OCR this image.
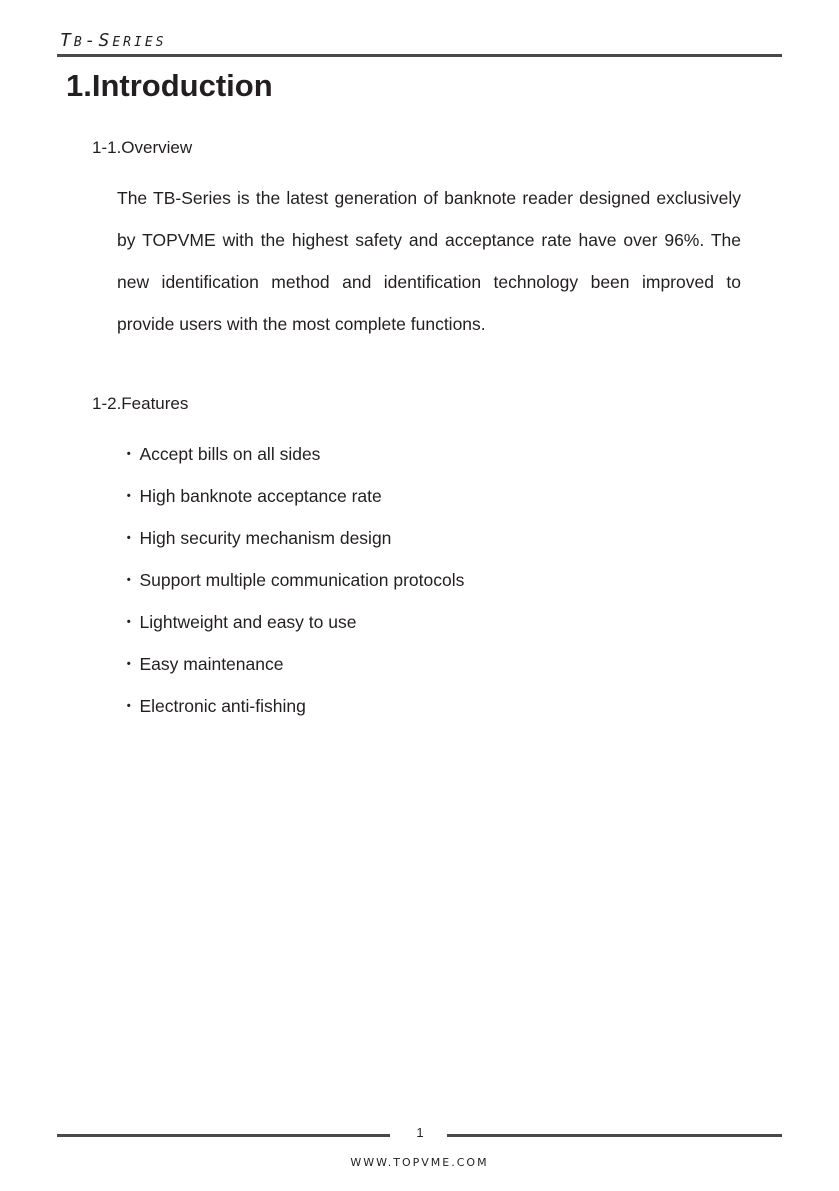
Tb-Series
1.Introduction
1-1.Overview
The TB-Series is the latest generation of banknote reader designed exclusively by TOPVME with the highest safety and acceptance rate have over 96%. The new identification method and identification technology been improved to provide users with the most complete functions.
1-2.Features
・ Accept bills on all sides
・ High banknote acceptance rate
・ High security mechanism design
・ Support multiple communication protocols
・ Lightweight and easy to use
・ Easy maintenance
・ Electronic anti-fishing
1
WWW.TOPVME.COM
